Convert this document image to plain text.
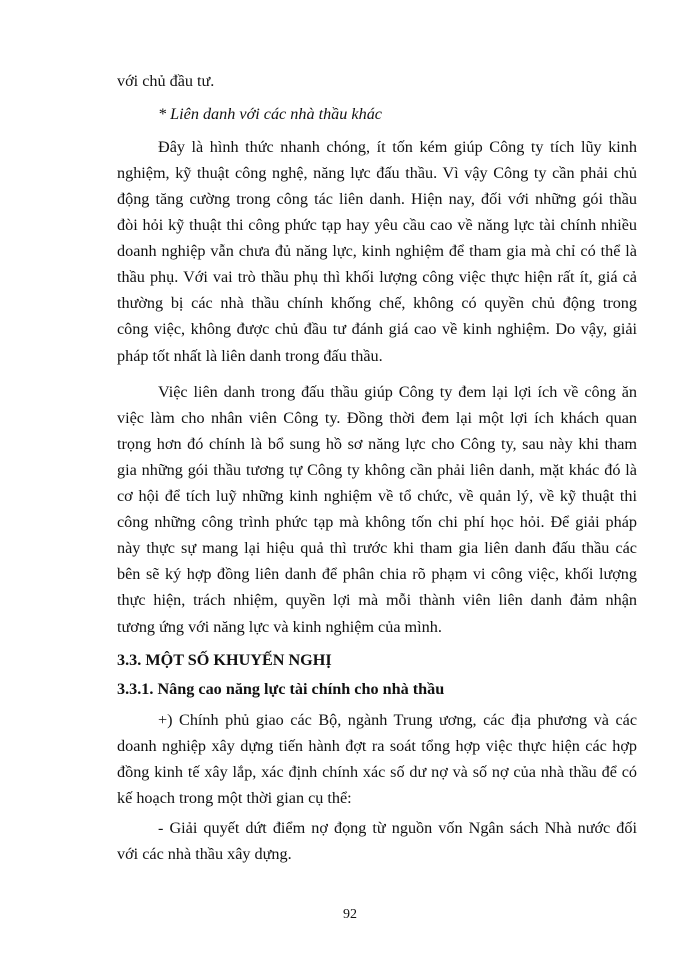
với chủ đầu tư.
* Liên danh với các nhà thầu khác
Đây là hình thức nhanh chóng, ít tốn kém giúp Công ty tích lũy kinh
nghiệm, kỹ thuật công nghệ, năng lực đấu thầu. Vì vậy Công ty cần phải chủ
động tăng cường trong công tác liên danh. Hiện nay, đối với những gói thầu
đòi hỏi kỹ thuật thi công phức tạp hay yêu cầu cao về năng lực tài chính nhiều
doanh nghiệp vẫn chưa đủ năng lực, kinh nghiệm để tham gia mà chỉ có thể là
thầu phụ. Với vai trò thầu phụ thì khối lượng công việc thực hiện rất ít, giá cả
thường bị các nhà thầu chính khống chế, không có quyền chủ động trong
công việc, không được chủ đầu tư đánh giá cao về kinh nghiệm. Do vậy, giải
pháp tốt nhất là liên danh trong đấu thầu.
Việc liên danh trong đấu thầu giúp Công ty đem lại lợi ích về công ăn
việc làm cho nhân viên Công ty. Đồng thời đem lại một lợi ích khách quan
trọng hơn đó chính là bổ sung hồ sơ năng lực cho Công ty, sau này khi tham
gia những gói thầu tương tự Công ty không cần phải liên danh, mặt khác đó là
cơ hội để tích luỹ những kinh nghiệm về tổ chức, về quản lý, về kỹ thuật thi
công những công trình phức tạp mà không tốn chi phí học hỏi. Để giải pháp
này thực sự mang lại hiệu quả thì trước khi tham gia liên danh đấu thầu các
bên sẽ ký hợp đồng liên danh để phân chia rõ phạm vi công việc, khối lượng
thực hiện, trách nhiệm, quyền lợi mà mỗi thành viên liên danh đảm nhận
tương ứng với năng lực và kinh nghiệm của mình.
3.3. MỘT SỐ KHUYẾN NGHỊ
3.3.1. Nâng cao năng lực tài chính cho nhà thầu
+) Chính phủ giao các Bộ, ngành Trung ương, các địa phương và các
doanh nghiệp xây dựng tiến hành đợt ra soát tổng hợp việc thực hiện các hợp
đồng kinh tế xây lắp, xác định chính xác số dư nợ và số nợ của nhà thầu để có
kế hoạch trong một thời gian cụ thể:
- Giải quyết dứt điểm nợ đọng từ nguồn vốn Ngân sách Nhà nước đối
với các nhà thầu xây dựng.
92
